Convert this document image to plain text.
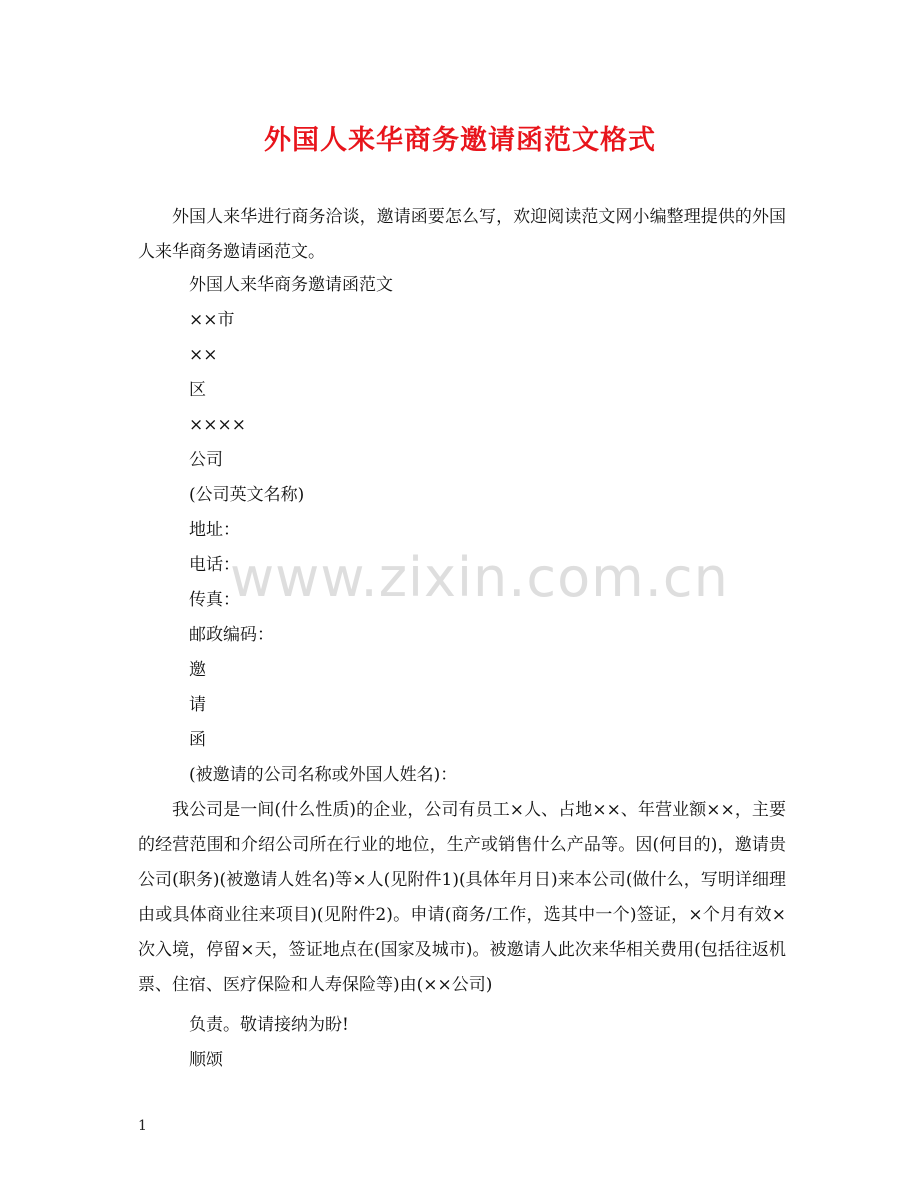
外国人来华商务邀请函范文格式

外国人来华进行商务洽谈，邀请函要怎么写，欢迎阅读范文网小编整理提供的外国人来华商务邀请函范文。

外国人来华商务邀请函范文

××市

××

区

××××

公司

(公司英文名称)

地址：

电话：

传真：

邮政编码：

邀

请

函

(被邀请的公司名称或外国人姓名)：

我公司是一间(什么性质)的企业，公司有员工×人、占地××、年营业额××，主要的经营范围和介绍公司所在行业的地位，生产或销售什么产品等。因(何目的)，邀请贵公司(职务)(被邀请人姓名)等×人(见附件1)(具体年月日)来本公司(做什么，写明详细理由或具体商业往来项目)(见附件2)。申请(商务/工作，选其中一个)签证，×个月有效×次入境，停留×天，签证地点在(国家及城市)。被邀请人此次来华相关费用(包括往返机票、住宿、医疗保险和人寿保险等)由(××公司)

负责。敬请接纳为盼!

顺颂

www.zixin.com.cn
1
